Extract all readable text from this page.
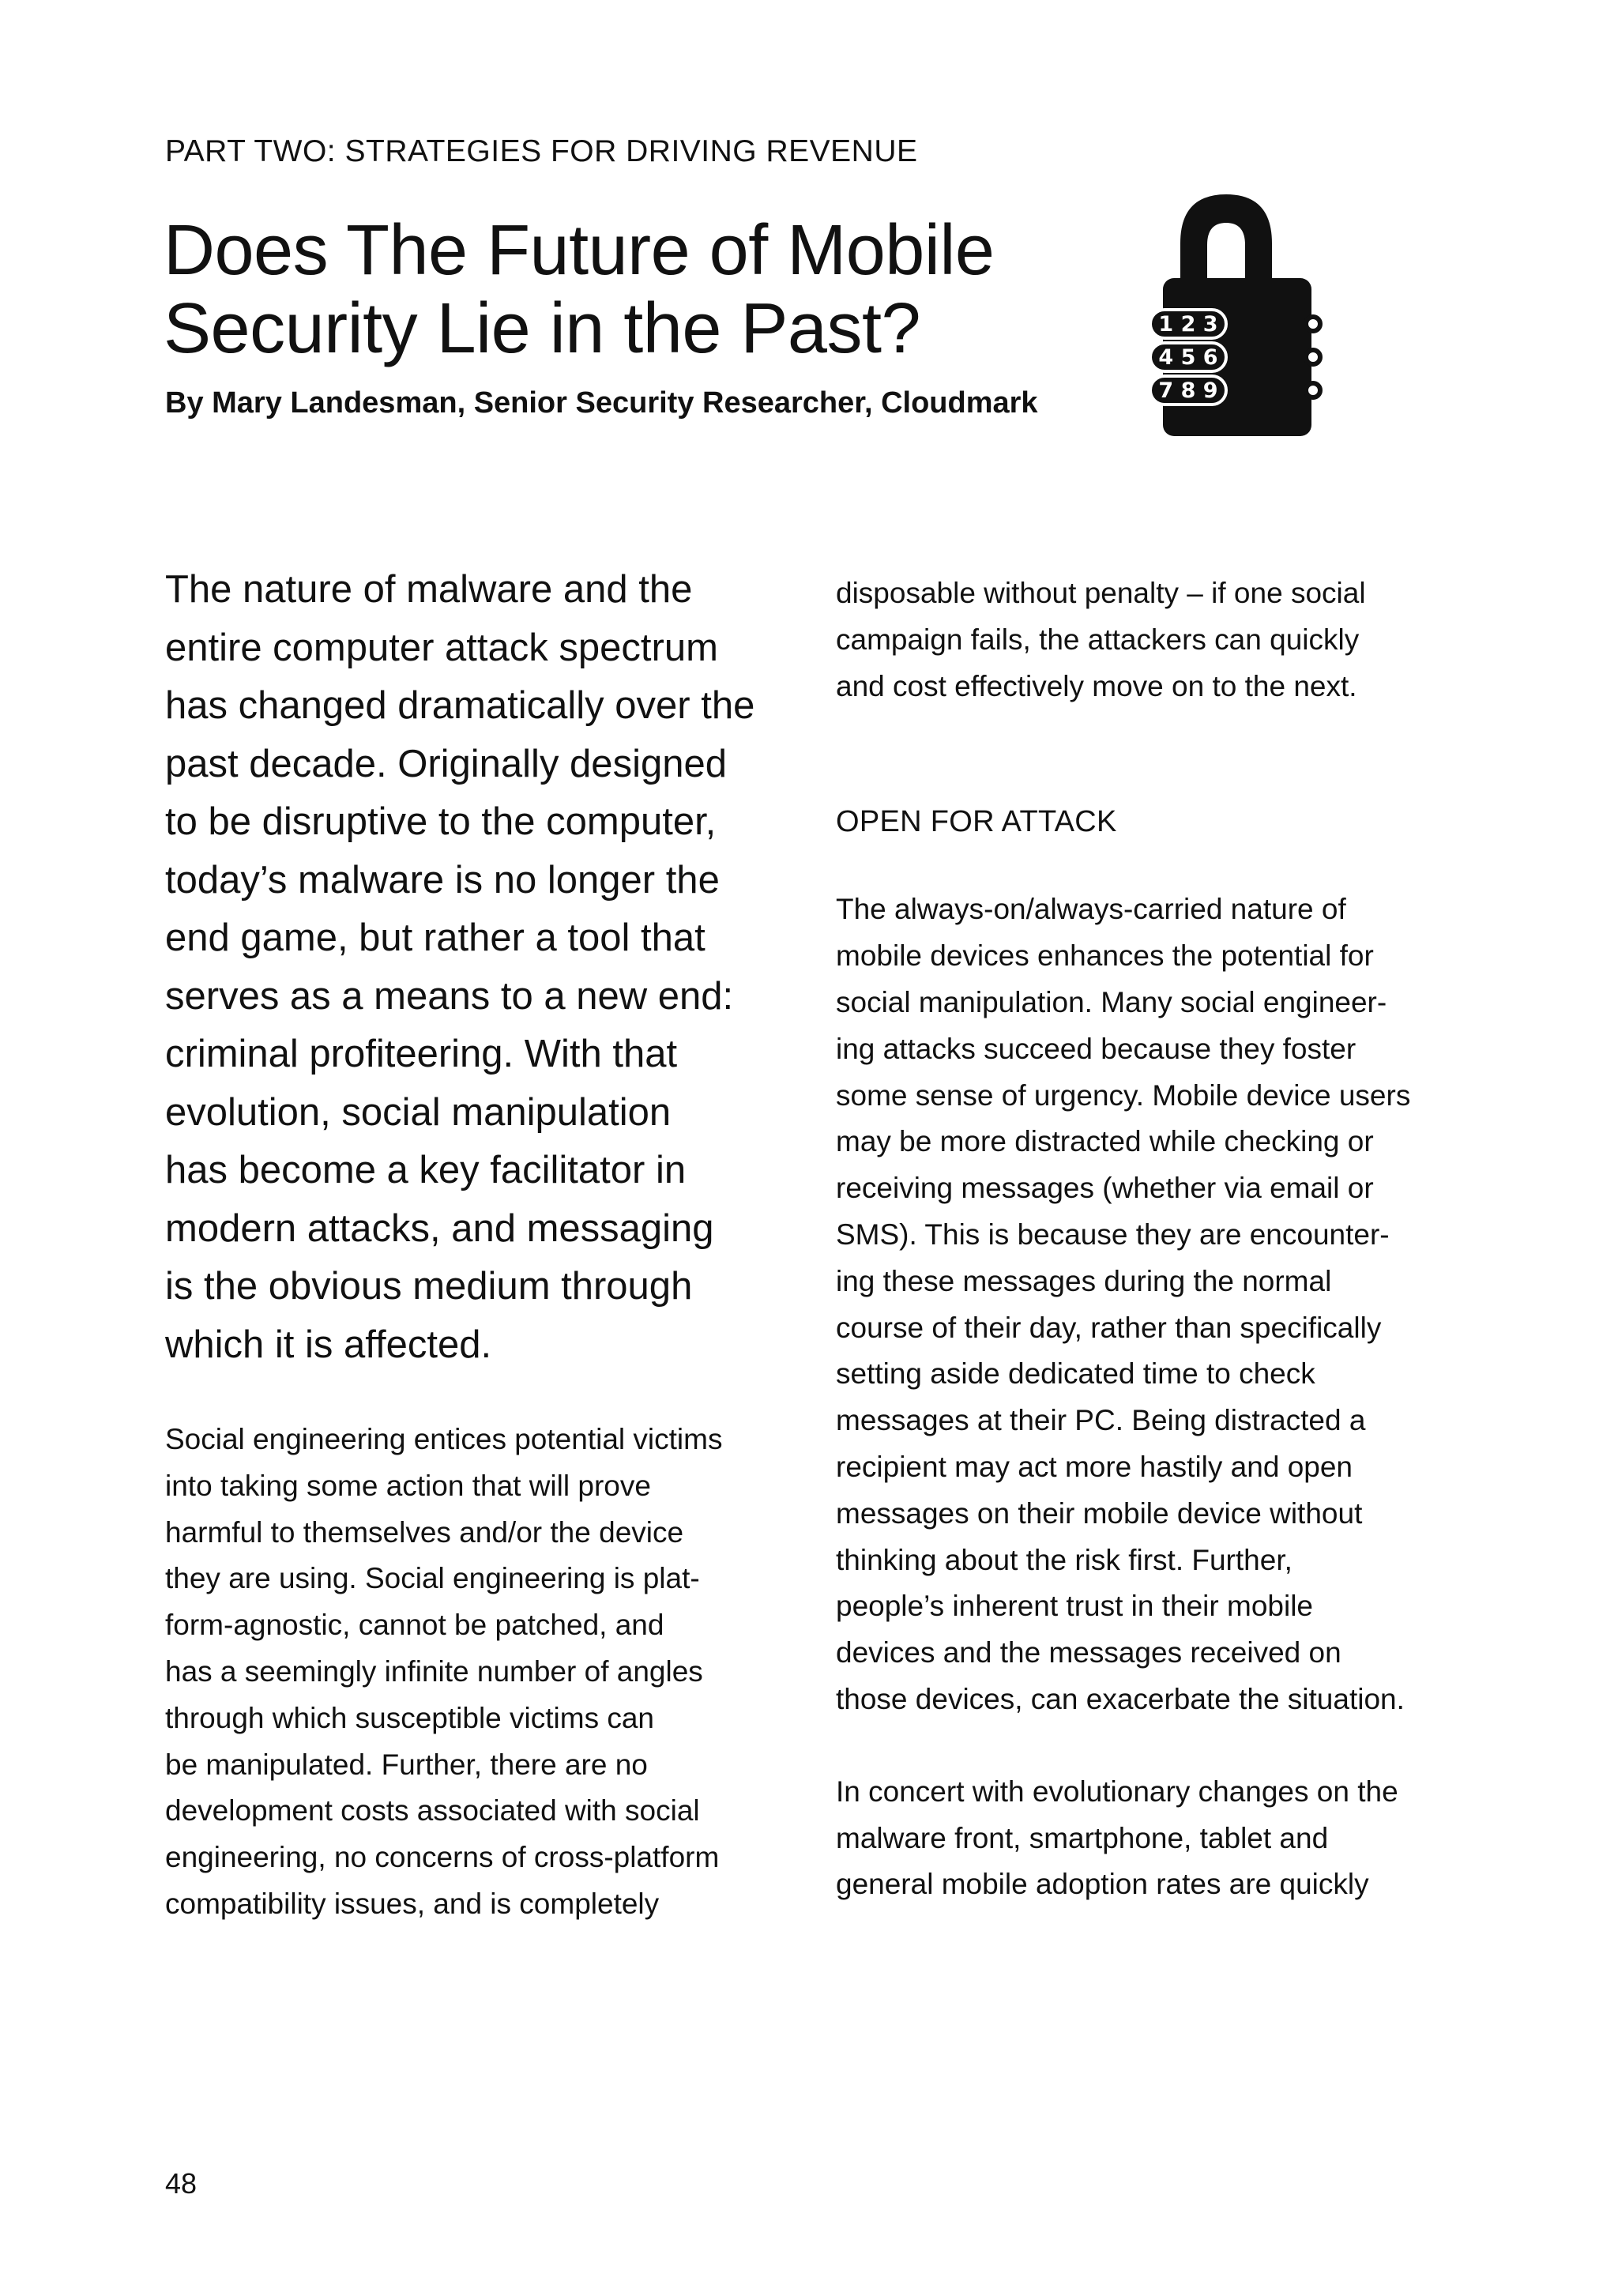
PART TWO: STRATEGIES FOR DRIVING REVENUE
Does The Future of Mobile Security Lie in the Past?

By Mary Landesman, Senior Security Researcher, Cloudmark

1 2 3
4 5 6
7 8 9

The nature of malware and the
entire computer attack spectrum
has changed dramatically over the
past decade. Originally designed
to be disruptive to the computer,
today’s malware is no longer the
end game, but rather a tool that
serves as a means to a new end:
criminal profiteering. With that
evolution, social manipulation
has become a key facilitator in
modern attacks, and messaging
is the obvious medium through
which it is affected.

Social engineering entices potential victims
into taking some action that will prove
harmful to themselves and/or the device
they are using. Social engineering is plat-
form-agnostic, cannot be patched, and
has a seemingly infinite number of angles
through which susceptible victims can
be manipulated. Further, there are no
development costs associated with social
engineering, no concerns of cross-platform
compatibility issues, and is completely

disposable without penalty – if one social
campaign fails, the attackers can quickly
and cost effectively move on to the next.

OPEN FOR ATTACK

The always-on/always-carried nature of
mobile devices enhances the potential for
social manipulation. Many social engineer-
ing attacks succeed because they foster
some sense of urgency. Mobile device users
may be more distracted while checking or
receiving messages (whether via email or
SMS). This is because they are encounter-
ing these messages during the normal
course of their day, rather than specifically
setting aside dedicated time to check
messages at their PC. Being distracted a
recipient may act more hastily and open
messages on their mobile device without
thinking about the risk first. Further,
people’s inherent trust in their mobile
devices and the messages received on
those devices, can exacerbate the situation.

In concert with evolutionary changes on the
malware front, smartphone, tablet and
general mobile adoption rates are quickly

48
